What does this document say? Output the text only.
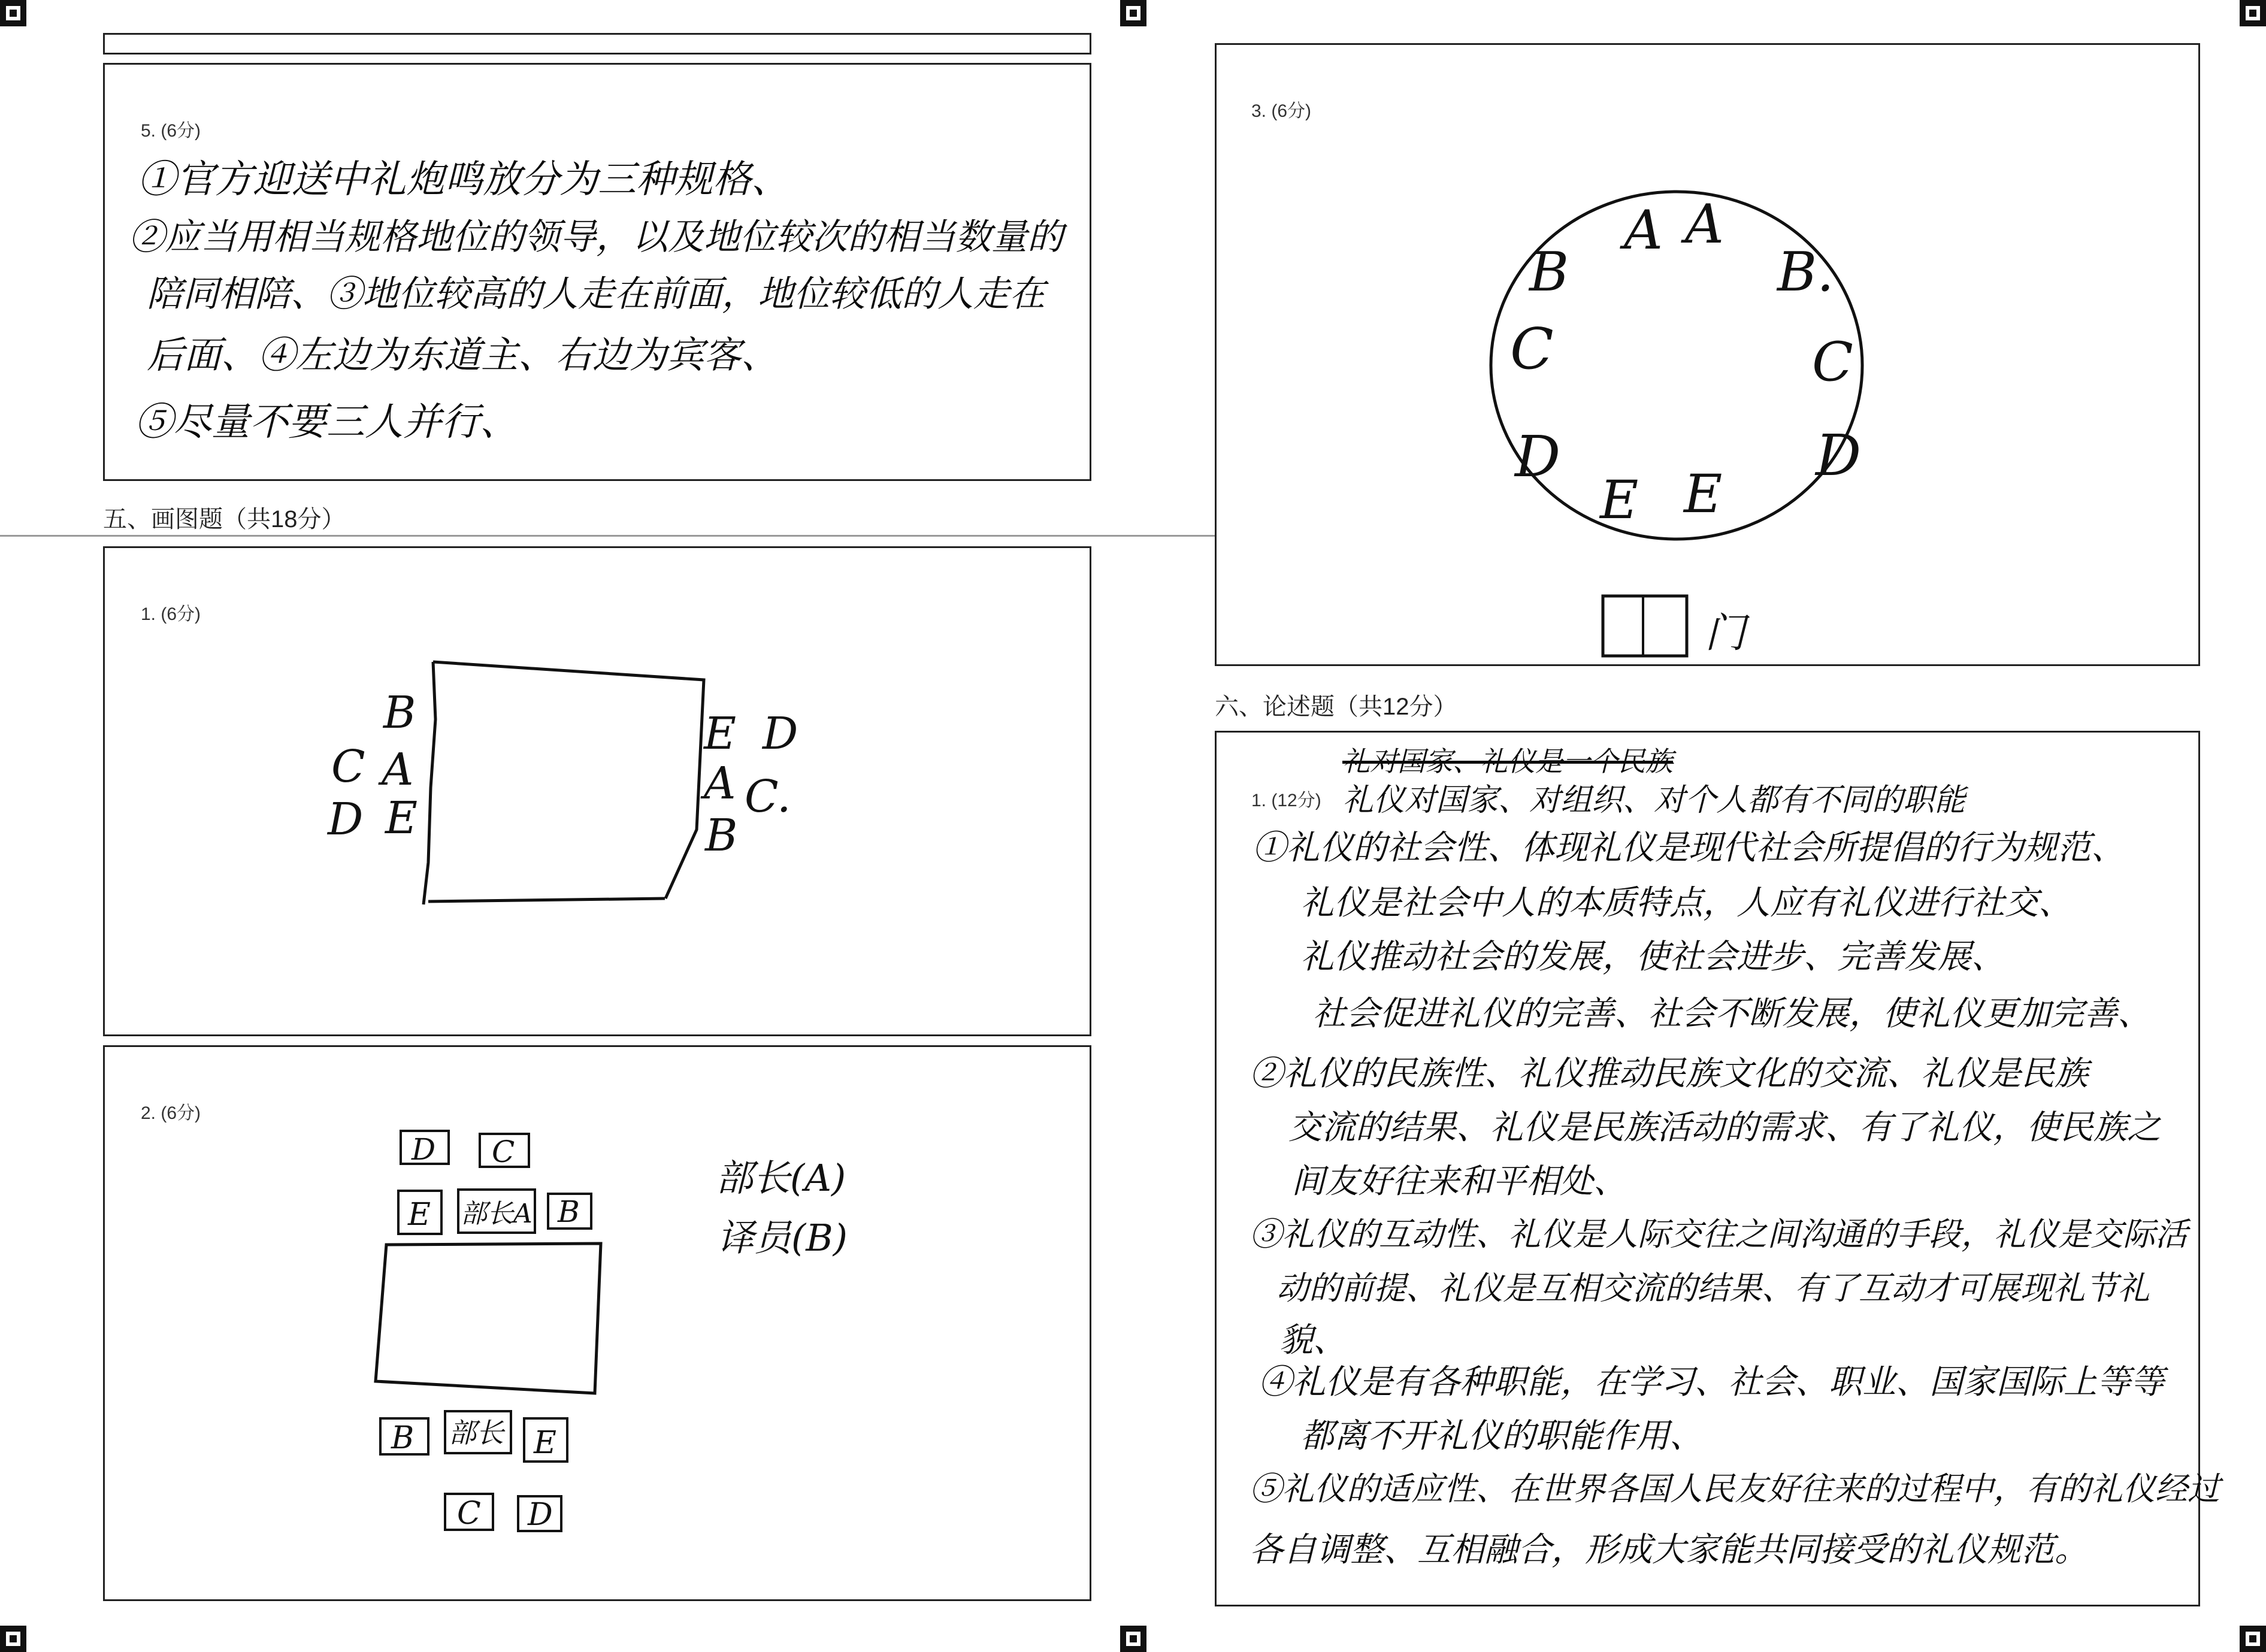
5. (6分)
①官方迎送中礼炮鸣放分为三种规格、
②应当用相当规格地位的领导，以及地位较次的相当数量的
陪同相陪、③地位较高的人走在前面，地位较低的人走在
后面、④左边为东道主、右边为宾客、
⑤尽量不要三人并行、
五、画图题（共18分）
1. (6分)
B
C A
D E
E D
A C.
B
2. (6分)
D C
E 部长A B
B 部长 E
C D
部长(A)
译员(B)
3. (6分)
A A
B	B.
C	C
D	D
E E
门
六、论述题（共12分）
礼对国家、礼仪是一个民族
1. (12分) 礼仪对国家、对组织、对个人都有不同的职能
①礼仪的社会性、体现礼仪是现代社会所提倡的行为规范、
礼仪是社会中人的本质特点，人应有礼仪进行社交、
礼仪推动社会的发展，使社会进步、完善发展、
社会促进礼仪的完善、社会不断发展，使礼仪更加完善、
②礼仪的民族性、礼仪推动民族文化的交流、礼仪是民族
交流的结果、礼仪是民族活动的需求、有了礼仪，使民族之
间友好往来和平相处、
③礼仪的互动性、礼仪是人际交往之间沟通的手段，礼仪是交际活
动的前提、礼仪是互相交流的结果、有了互动才可展现礼节礼
貌、
④礼仪是有各种职能，在学习、社会、职业、国家国际上等等
都离不开礼仪的职能作用、
⑤礼仪的适应性、在世界各国人民友好往来的过程中，有的礼仪经过
各自调整、互相融合，形成大家能共同接受的礼仪规范。
